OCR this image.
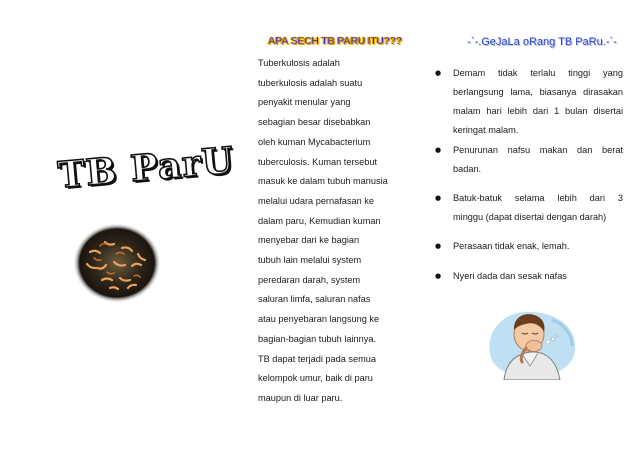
TB ParU
APA SECH TB PARU ITU???
Tuberkulosis adalah
tuberkulosis adalah suatu
penyakit menular yang
sebagian besar disebabkan
oleh kuman Mycabacterium
tuberculosis. Kuman tersebut
masuk ke dalam tubuh manusia
melalui udara pernafasan ke
dalam paru, Kemudian kuman
menyebar dari ke bagian
tubuh lain melalui system
peredaran darah, system
saluran limfa, saluran nafas
atau penyebaran langsung ke
bagian-bagian tubuh lainnya.
TB dapat terjadi pada semua
kelompok umur, baik di paru
maupun di luar paru.
-`-.GeJaLa oRang TB PaRu.-`-
● Demam tidak terlalu tinggi yang
berlangsung lama, biasanya dirasakan
malam hari lebih dari 1 bulan disertai
keringat malam.
● Penurunan nafsu makan dan berat
badan.
● Batuk-batuk selama lebih dari 3
minggu (dapat disertai dengan darah)
● Perasaan tidak enak, lemah.
● Nyeri dada dan sesak nafas
